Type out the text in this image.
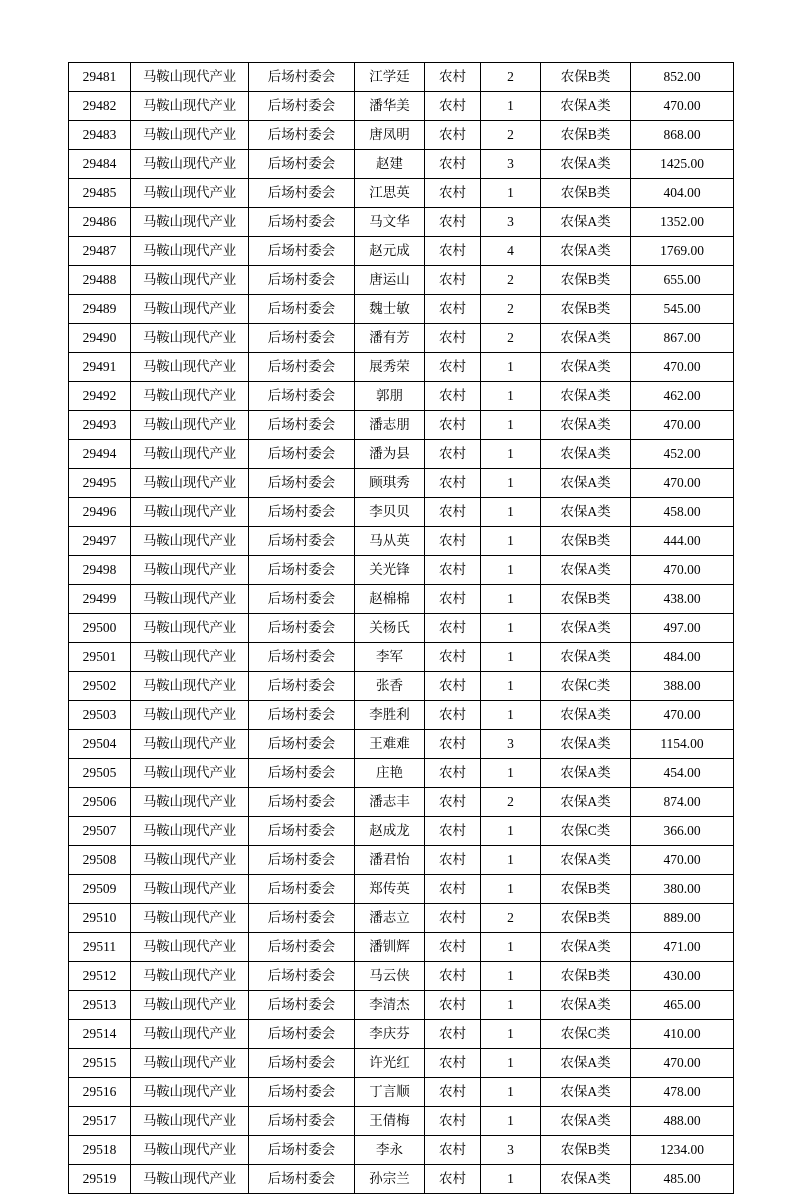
29481	马鞍山现代产业	后场村委会	江学廷	农村	2	农保B类	852.00
29482	马鞍山现代产业	后场村委会	潘华美	农村	1	农保A类	470.00
29483	马鞍山现代产业	后场村委会	唐凤明	农村	2	农保B类	868.00
29484	马鞍山现代产业	后场村委会	赵建	农村	3	农保A类	1425.00
29485	马鞍山现代产业	后场村委会	江思英	农村	1	农保B类	404.00
29486	马鞍山现代产业	后场村委会	马文华	农村	3	农保A类	1352.00
29487	马鞍山现代产业	后场村委会	赵元成	农村	4	农保A类	1769.00
29488	马鞍山现代产业	后场村委会	唐运山	农村	2	农保B类	655.00
29489	马鞍山现代产业	后场村委会	魏士敏	农村	2	农保B类	545.00
29490	马鞍山现代产业	后场村委会	潘有芳	农村	2	农保A类	867.00
29491	马鞍山现代产业	后场村委会	展秀荣	农村	1	农保A类	470.00
29492	马鞍山现代产业	后场村委会	郭朋	农村	1	农保A类	462.00
29493	马鞍山现代产业	后场村委会	潘志朋	农村	1	农保A类	470.00
29494	马鞍山现代产业	后场村委会	潘为县	农村	1	农保A类	452.00
29495	马鞍山现代产业	后场村委会	顾琪秀	农村	1	农保A类	470.00
29496	马鞍山现代产业	后场村委会	李贝贝	农村	1	农保A类	458.00
29497	马鞍山现代产业	后场村委会	马从英	农村	1	农保B类	444.00
29498	马鞍山现代产业	后场村委会	关光锋	农村	1	农保A类	470.00
29499	马鞍山现代产业	后场村委会	赵棉棉	农村	1	农保B类	438.00
29500	马鞍山现代产业	后场村委会	关杨氏	农村	1	农保A类	497.00
29501	马鞍山现代产业	后场村委会	李军	农村	1	农保A类	484.00
29502	马鞍山现代产业	后场村委会	张香	农村	1	农保C类	388.00
29503	马鞍山现代产业	后场村委会	李胜利	农村	1	农保A类	470.00
29504	马鞍山现代产业	后场村委会	王难难	农村	3	农保A类	1154.00
29505	马鞍山现代产业	后场村委会	庄艳	农村	1	农保A类	454.00
29506	马鞍山现代产业	后场村委会	潘志丰	农村	2	农保A类	874.00
29507	马鞍山现代产业	后场村委会	赵成龙	农村	1	农保C类	366.00
29508	马鞍山现代产业	后场村委会	潘君怡	农村	1	农保A类	470.00
29509	马鞍山现代产业	后场村委会	郑传英	农村	1	农保B类	380.00
29510	马鞍山现代产业	后场村委会	潘志立	农村	2	农保B类	889.00
29511	马鞍山现代产业	后场村委会	潘钏辉	农村	1	农保A类	471.00
29512	马鞍山现代产业	后场村委会	马云侠	农村	1	农保B类	430.00
29513	马鞍山现代产业	后场村委会	李清杰	农村	1	农保A类	465.00
29514	马鞍山现代产业	后场村委会	李庆芬	农村	1	农保C类	410.00
29515	马鞍山现代产业	后场村委会	许光红	农村	1	农保A类	470.00
29516	马鞍山现代产业	后场村委会	丁言顺	农村	1	农保A类	478.00
29517	马鞍山现代产业	后场村委会	王倩梅	农村	1	农保A类	488.00
29518	马鞍山现代产业	后场村委会	李永	农村	3	农保B类	1234.00
29519	马鞍山现代产业	后场村委会	孙宗兰	农村	1	农保A类	485.00
